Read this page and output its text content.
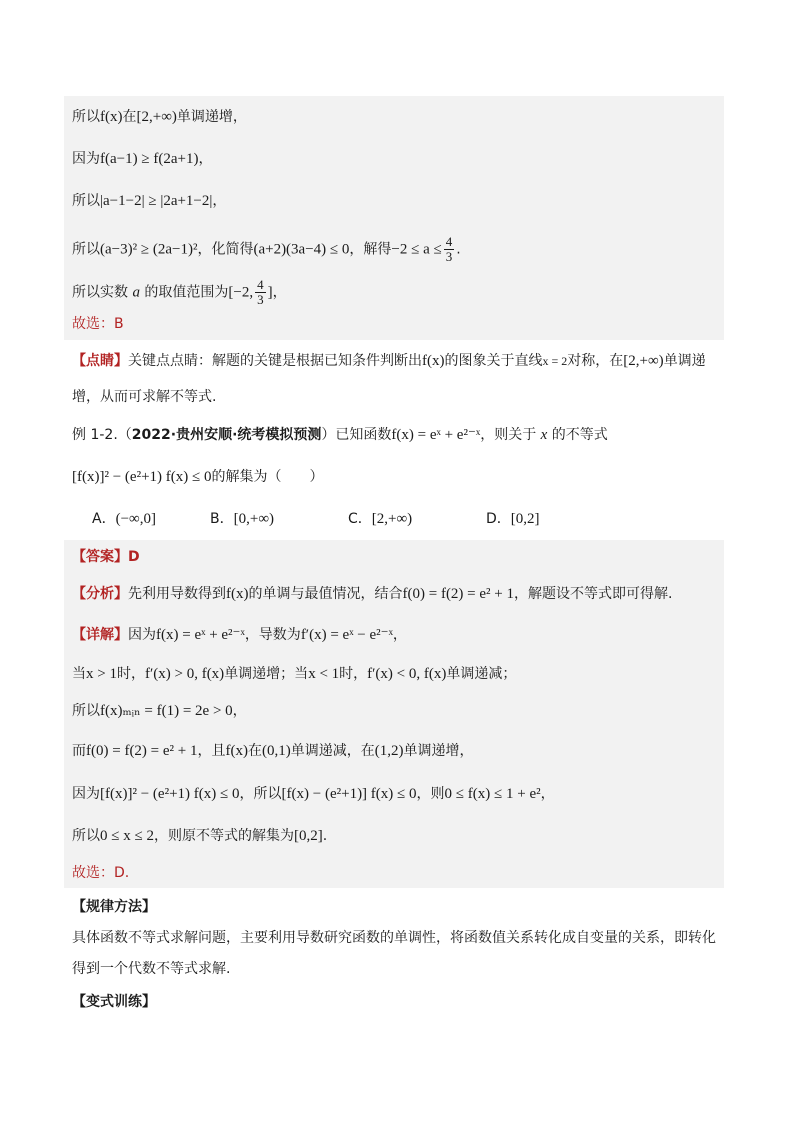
所以f(x)在[2,+∞)单调递增，
因为f(a−1) ≥ f(2a+1)，
所以|a−1−2| ≥ |2a+1−2|，
所以(a−3)² ≥ (2a−1)²，化简得(a+2)(3a−4) ≤ 0，解得$-2 \le a \le \frac{4}{3}$ .
所以实数 a 的取值范围为[−2, $\frac{4}{3}$ ]，
故选：B
【点睛】关键点点睛：解题的关键是根据已知条件判断出f(x)的图象关于直线x = 2对称，在[2,+∞)单调递
增，从而可求解不等式.
例 1-2.（2022·贵州安顺·统考模拟预测）已知函数f(x) = eˣ + e²⁻ˣ，则关于 x 的不等式
[f(x)]² − (e²+1) f(x) ≤ 0的解集为（　　）
A．(−∞,0]	B．[0,+∞)	C．[2,+∞)	D．[0,2]
【答案】D
【分析】先利用导数得到f(x)的单调与最值情况，结合f(0) = f(2) = e² + 1，解题设不等式即可得解.
【详解】因为f(x) = eˣ + e²⁻ˣ，导数为f′(x) = eˣ − e²⁻ˣ，
当x > 1时，f′(x) > 0, f(x)单调递增；当x < 1时，f′(x) < 0, f(x)单调递减；
所以f(x)ₘᵢₙ = f(1) = 2e > 0，
而f(0) = f(2) = e² + 1，且f(x)在(0,1)单调递减，在(1,2)单调递增，
因为[f(x)]² − (e²+1) f(x) ≤ 0，所以[f(x) − (e²+1)] f(x) ≤ 0，则0 ≤ f(x) ≤ 1 + e²，
所以0 ≤ x ≤ 2，则原不等式的解集为[0,2].
故选：D.
【规律方法】
具体函数不等式求解问题，主要利用导数研究函数的单调性，将函数值关系转化成自变量的关系，即转化
得到一个代数不等式求解.
【变式训练】
